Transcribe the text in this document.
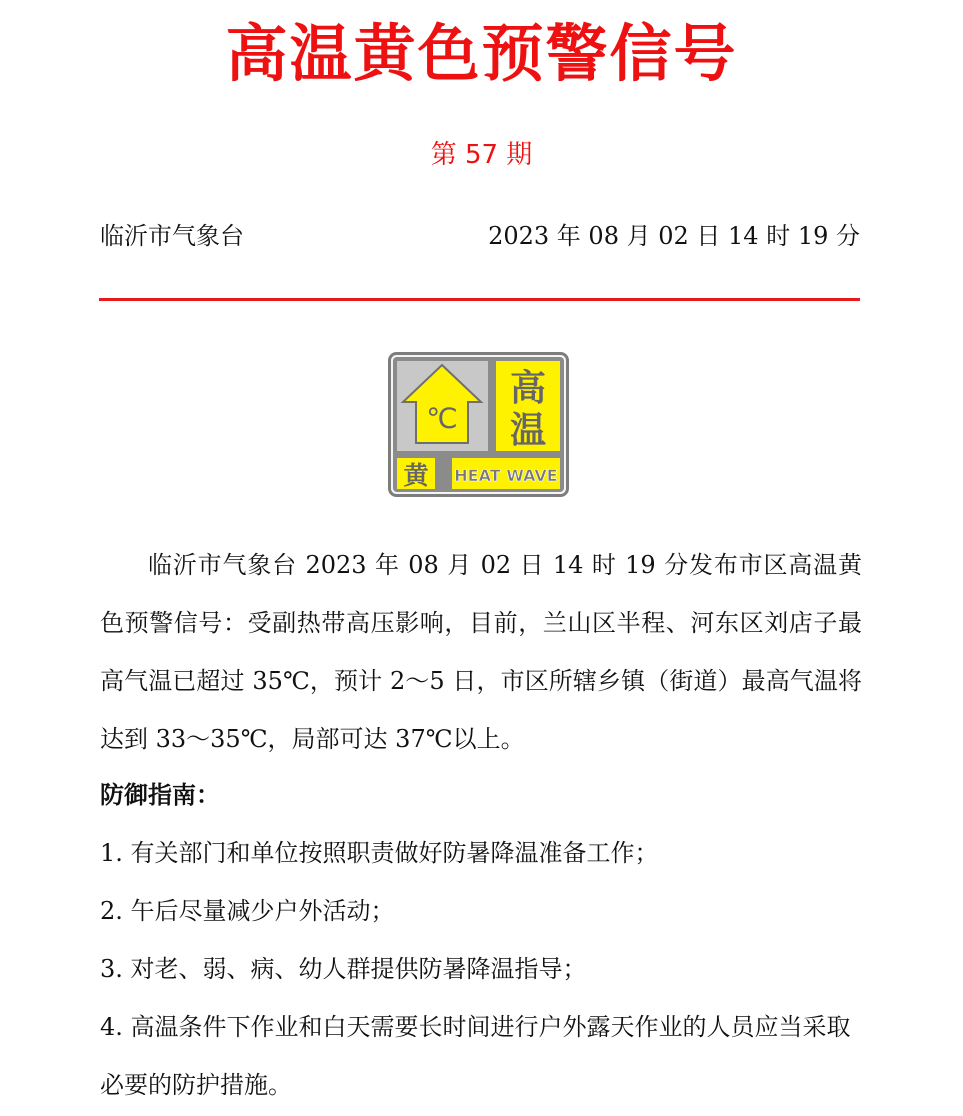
高温黄色预警信号
第 57 期
临沂市气象台	2023 年 08 月 02 日 14 时 19 分
℃
高
温
黄 HEAT WAVE

临沂市气象台 2023 年 08 月 02 日 14 时 19 分发布市区高温黄色预警信号：受副热带高压影响，目前，兰山区半程、河东区刘店子最高气温已超过 35℃，预计 2～5 日，市区所辖乡镇（街道）最高气温将达到 33～35℃，局部可达 37℃以上。

防御指南：
1. 有关部门和单位按照职责做好防暑降温准备工作；
2. 午后尽量减少户外活动；
3. 对老、弱、病、幼人群提供防暑降温指导；
4. 高温条件下作业和白天需要长时间进行户外露天作业的人员应当采取必要的防护措施。
